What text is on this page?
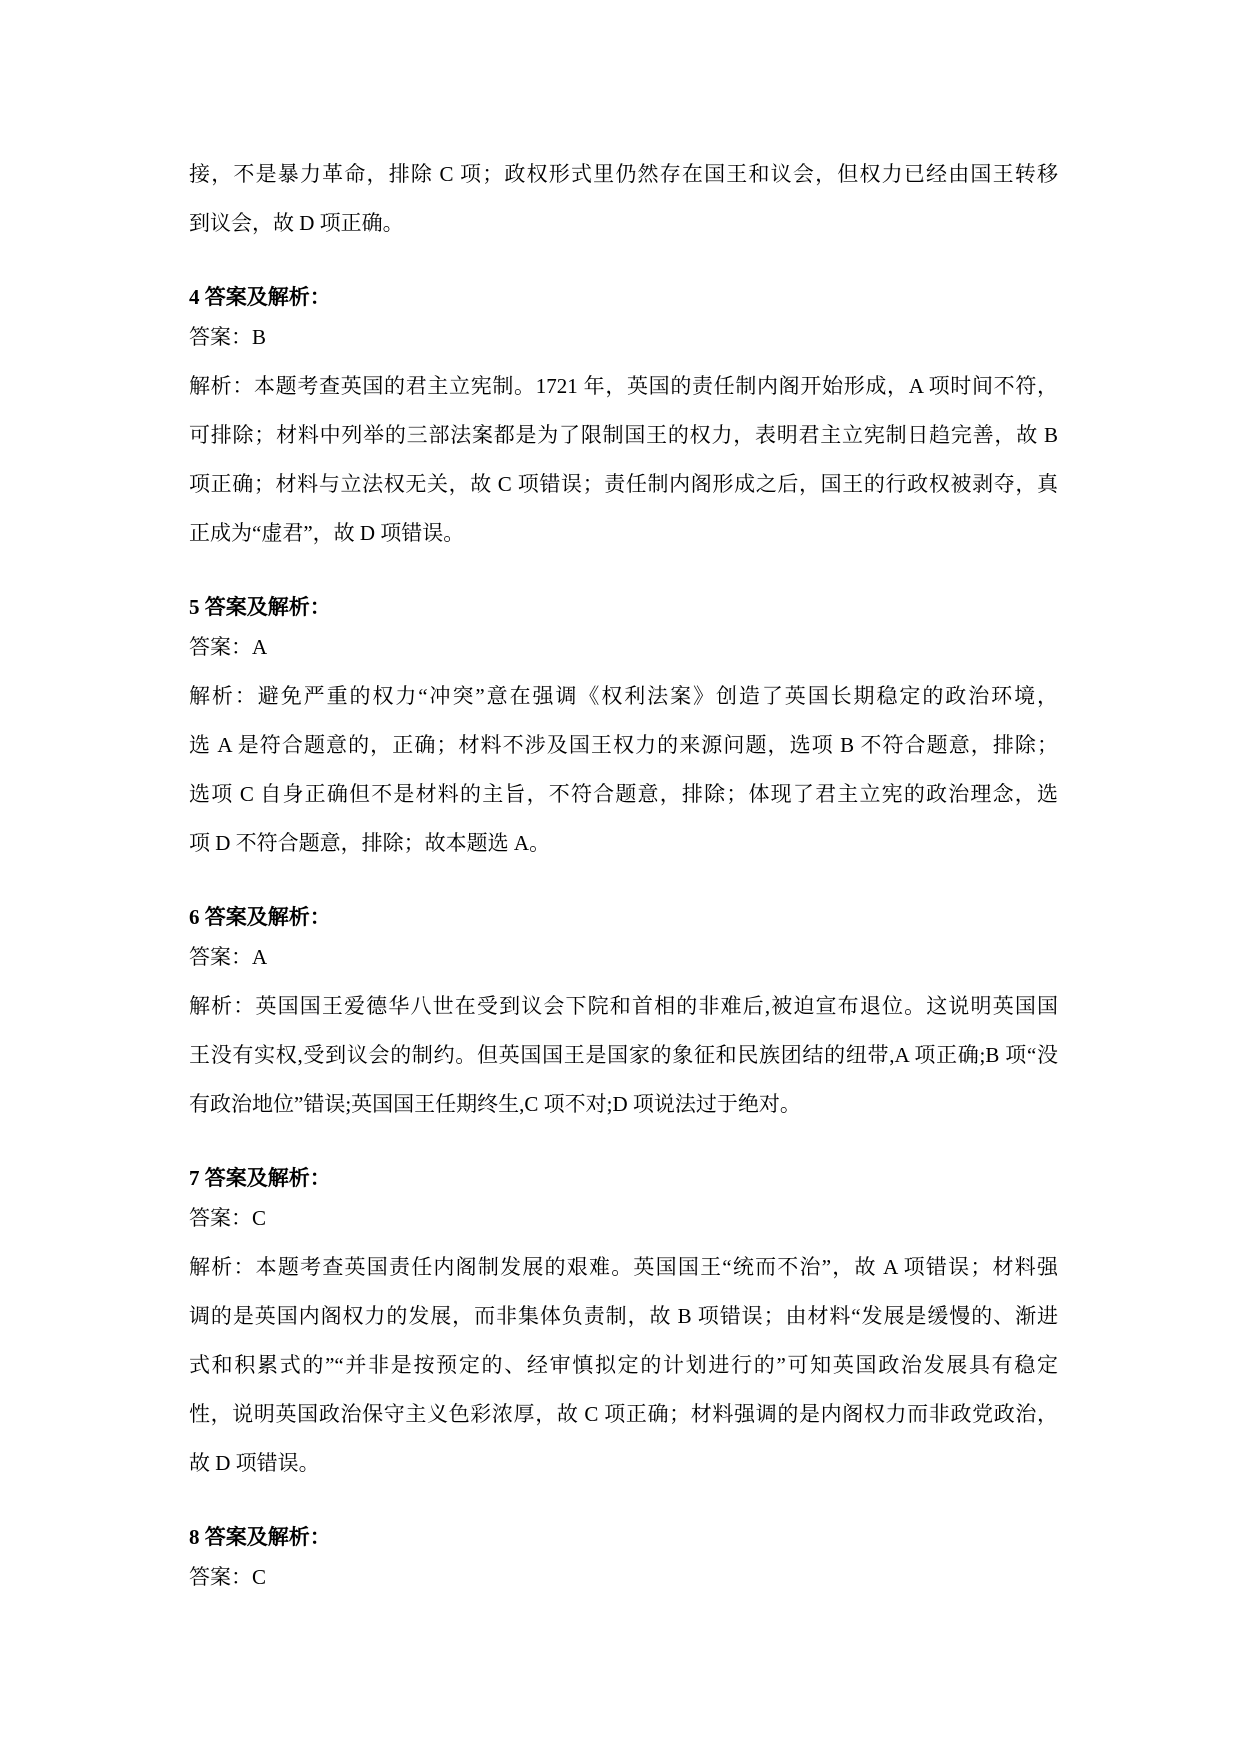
接，不是暴力革命，排除 C 项；政权形式里仍然存在国王和议会，但权力已经由国王转移
到议会，故 D 项正确。
4 答案及解析：
答案：B
解析：本题考查英国的君主立宪制。1721 年，英国的责任制内阁开始形成，A 项时间不符，
可排除；材料中列举的三部法案都是为了限制国王的权力，表明君主立宪制日趋完善，故 B
项正确；材料与立法权无关，故 C 项错误；责任制内阁形成之后，国王的行政权被剥夺，真
正成为“虚君”，故 D 项错误。
5 答案及解析：
答案：A
解析：避免严重的权力“冲突”意在强调《权利法案》创造了英国长期稳定的政治环境，
选 A 是符合题意的，正确；材料不涉及国王权力的来源问题，选项 B 不符合题意，排除；
选项 C 自身正确但不是材料的主旨，不符合题意，排除；体现了君主立宪的政治理念，选
项 D 不符合题意，排除；故本题选 A。
6 答案及解析：
答案：A
解析：英国国王爱德华八世在受到议会下院和首相的非难后,被迫宣布退位。这说明英国国
王没有实权,受到议会的制约。但英国国王是国家的象征和民族团结的纽带,A 项正确;B 项“没
有政治地位”错误;英国国王任期终生,C 项不对;D 项说法过于绝对。
7 答案及解析：
答案：C
解析：本题考查英国责任内阁制发展的艰难。英国国王“统而不治”，故 A 项错误；材料强
调的是英国内阁权力的发展，而非集体负责制，故 B 项错误；由材料“发展是缓慢的、渐进
式和积累式的”“并非是按预定的、经审慎拟定的计划进行的”可知英国政治发展具有稳定
性，说明英国政治保守主义色彩浓厚，故 C 项正确；材料强调的是内阁权力而非政党政治，
故 D 项错误。
8 答案及解析：
答案：C
